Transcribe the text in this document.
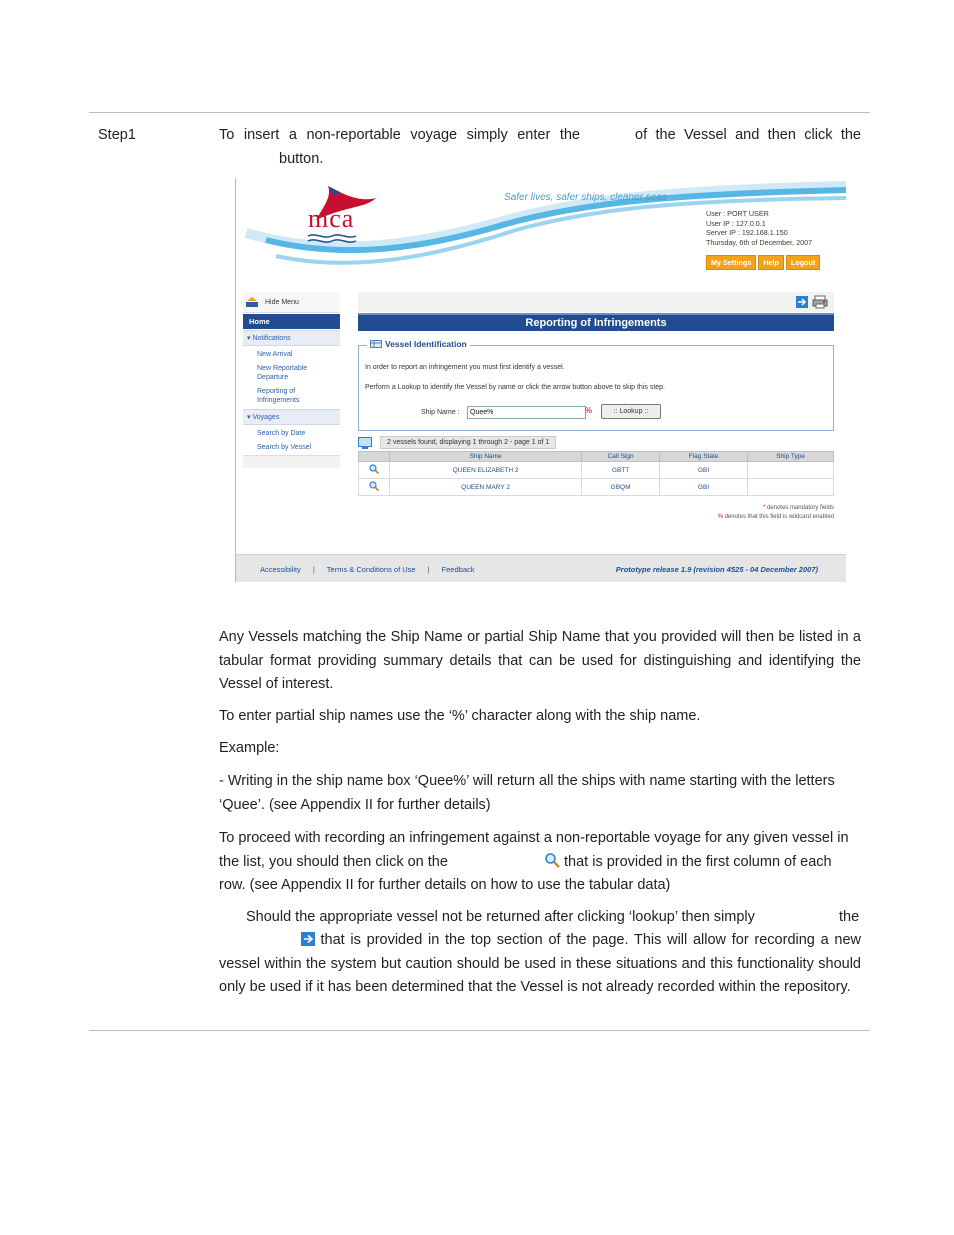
Step1	To insert a non-reportable voyage simply enter the	of the Vessel and then click the
button.
Safer lives, safer ships, cleaner seas
mca	User : PORT USER
User IP : 127.0.0.1
Server IP : 192.168.1.150
Thursday, 6th of December, 2007
My Settings	Help	Logout
Hide Menu
Home
▾ Notifications
New Arrival
New Reportable Departure
Reporting of Infringements
▾ Voyages
Search by Date
Search by Vessel
Reporting of Infringements
Vessel Identification
In order to report an infringement you must first identify a vessel.
Perform a Lookup to identify the Vessel by name or click the arrow button above to skip this step.
Ship Name :	Quee%	%	:: Lookup ::
2 vessels found, displaying 1 through 2 - page 1 of 1
	Ship Name	Call Sign	Flag State	Ship Type
	QUEEN ELIZABETH 2	GBTT	GBI	
	QUEEN MARY 2	GBQM	GBI	
* denotes mandatory fields
% denotes that this field is wildcard enabled
Accessibility | Terms & Conditions of Use | Feedback	Prototype release 1.9 (revision 4525 - 04 December 2007)
Any Vessels matching the Ship Name or partial Ship Name that you provided will then be listed in a tabular format providing summary details that can be used for distinguishing and identifying the Vessel of interest.
To enter partial ship names use the ‘%’ character along with the ship name.
Example:
- Writing in the ship name box ‘Quee%’ will return all the ships with name starting with the letters ‘Quee’. (see Appendix II for further details)
To proceed with recording an infringement against a non-reportable voyage for any given vessel in the list, you should then click on the	that is provided in the first column of each row. (see Appendix II for further details on how to use the tabular data)
Should the appropriate vessel not be returned after clicking ‘lookup’ then simply	the
that is provided in the top section of the page. This will allow for recording a new vessel within the system but caution should be used in these situations and this functionality should only be used if it has been determined that the Vessel is not already recorded within the repository.
